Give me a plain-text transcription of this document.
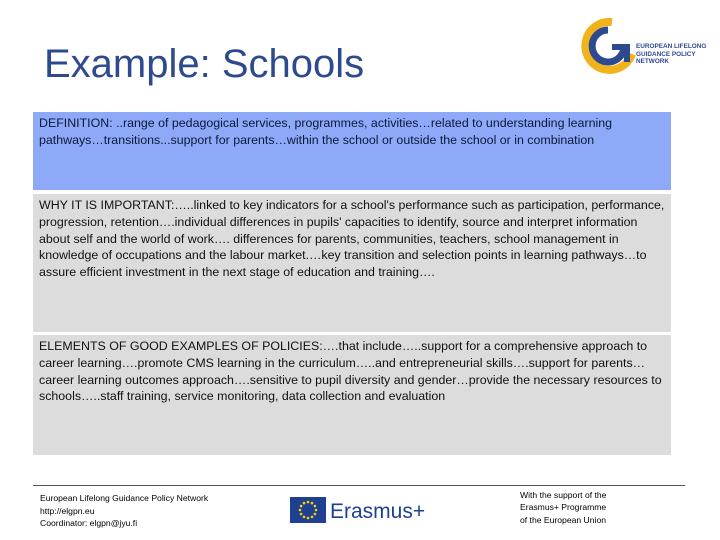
Example: Schools	EUROPEAN LIFELONG
GUIDANCE POLICY
NETWORK
DEFINITION: ..range of pedagogical services, programmes, activities…related to understanding learning pathways…transitions...support for parents…within the school or outside the school or in combination
WHY IT IS IMPORTANT:…..linked to key indicators for a school's performance such as participation, performance, progression, retention….individual differences in pupils' capacities to identify, source and interpret information about self and the world of work…. differences for parents, communities, teachers, school management in knowledge of occupations and the labour market.…key transition and selection points in learning pathways…to assure efficient investment in the next stage of education and training….
ELEMENTS OF GOOD EXAMPLES OF POLICIES:….that include…..support for a comprehensive approach to career learning….promote CMS learning in the curriculum…..and entrepreneurial skills….support for parents…career learning outcomes approach….sensitive to pupil diversity and gender…provide the necessary resources to schools…..staff training, service monitoring, data collection and evaluation
European Lifelong Guidance Policy Network
http://elgpn.eu
Coordinator: elgpn@jyu.fi	Erasmus+
With the support of the
Erasmus+ Programme
of the European Union
